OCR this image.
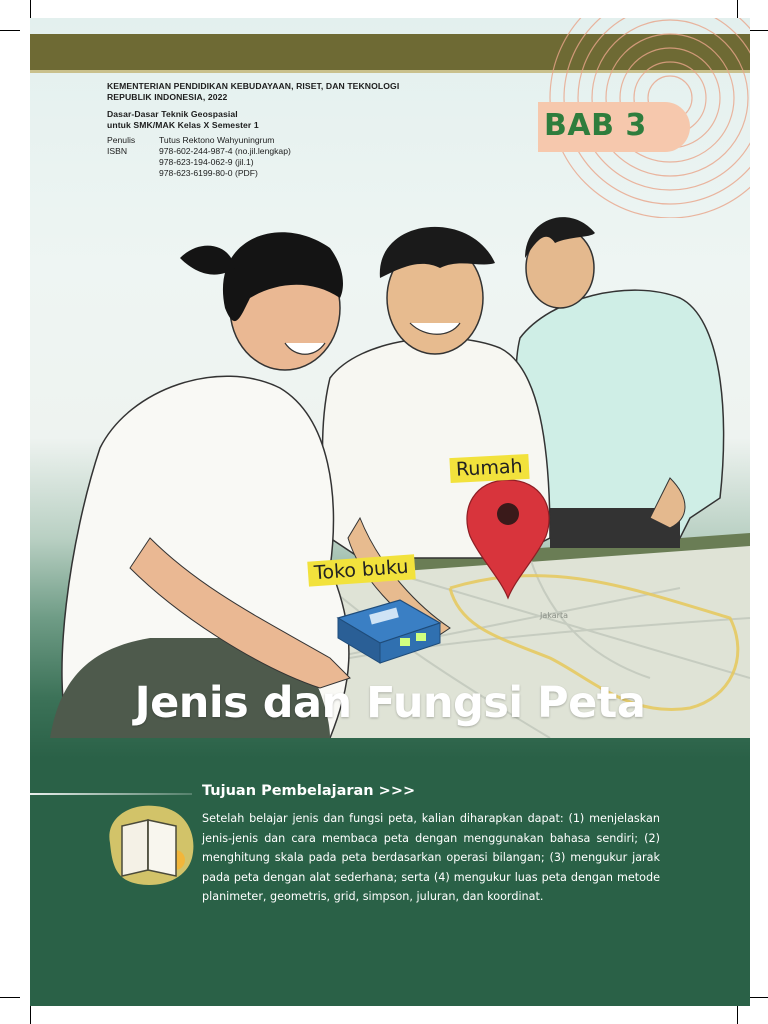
KEMENTERIAN PENDIDIKAN KEBUDAYAAN, RISET, DAN TEKNOLOGI
REPUBLIK INDONESIA, 2022
Dasar-Dasar Teknik Geospasial
untuk SMK/MAK Kelas X Semester 1
Penulis	Tutus Rektono Wahyuningrum
ISBN	978-602-244-987-4 (no.jil.lengkap)
978-623-194-062-9 (jil.1)
978-623-6199-80-0 (PDF)
BAB 3
Jakarta
Rumah
Toko buku
Jenis dan Fungsi Peta
Tujuan Pembelajaran >>>
Setelah belajar jenis dan fungsi peta, kalian diharapkan dapat: (1) menjelaskan jenis-jenis dan cara membaca peta dengan menggunakan bahasa sendiri; (2) menghitung skala pada peta berdasarkan operasi bilangan; (3) mengukur jarak pada peta dengan alat sederhana; serta (4) mengukur luas peta dengan metode planimeter, geometris, grid, simpson, juluran, dan koordinat.
